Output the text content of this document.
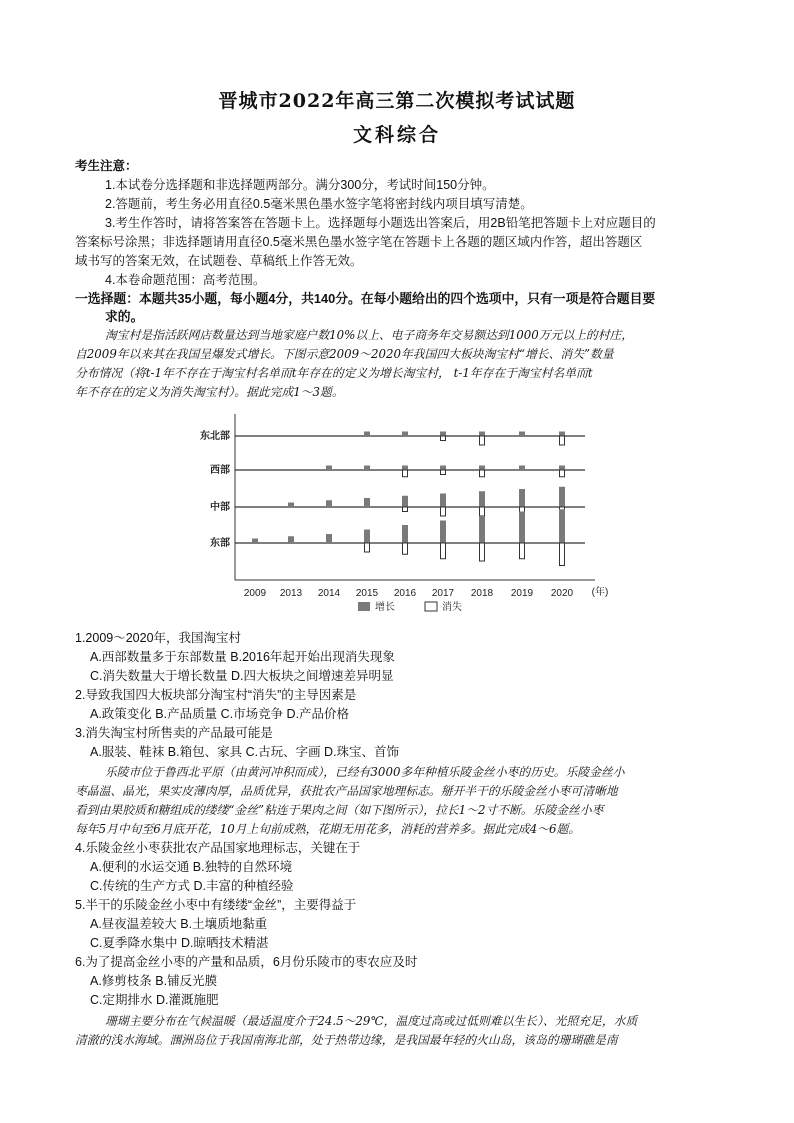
晋城市2022年高三第二次模拟考试试题
文科综合
考生注意：
1.本试卷分选择题和非选择题两部分。满分300分，考试时间150分钟。
2.答题前，考生务必用直径0.5毫米黑色墨水签字笔将密封线内项目填写清楚。
3.考生作答时，请将答案答在答题卡上。选择题每小题选出答案后，用2B铅笔把答题卡上对应题目的
答案标号涂黑；非选择题请用直径0.5毫米黑色墨水签字笔在答题卡上各题的题区域内作答，超出答题区
域书写的答案无效，在试题卷、草稿纸上作答无效。
4.本卷命题范围：高考范围。
一选择题：本题共35小题，每小题4分，共140分。在每小题给出的四个选项中，只有一项是符合题目要
求的。
淘宝村是指活跃网店数量达到当地家庭户数10%以上、电子商务年交易额达到1000万元以上的村庄，
自2009年以来其在我国呈爆发式增长。下图示意2009～2020年我国四大板块淘宝村“增长、消失”数量
分布情况（将t-1年不存在于淘宝村名单而t年存在的定义为增长淘宝村， t-1年存在于淘宝村名单而t
年不存在的定义为消失淘宝村）。据此完成1～3题。
东北部
西部
中部
东部
2009 2013 2014 2015 2016 2017 2018 2019 2020 (年)
增长	消失
1.2009～2020年，我国淘宝村
A.西部数量多于东部数量 B.2016年起开始出现消失现象
C.消失数量大于增长数量 D.四大板块之间增速差异明显
2.导致我国四大板块部分淘宝村“消失”的主导因素是
A.政策变化 B.产品质量 C.市场竞争 D.产品价格
3.消失淘宝村所售卖的产品最可能是
A.服装、鞋袜 B.箱包、家具 C.古玩、字画 D.珠宝、首饰
乐陵市位于鲁西北平原（由黄河冲积而成），已经有3000多年种植乐陵金丝小枣的历史。乐陵金丝小
枣晶温、晶光，果实皮薄肉厚，品质优异，获批农产品国家地理标志。掰开半干的乐陵金丝小枣可清晰地
看到由果胶质和糖组成的缕缕“金丝”粘连于果肉之间（如下图所示），拉长1～2寸不断。乐陵金丝小枣
每年5月中旬至6月底开花，10月上旬前成熟，花期无用花多，消耗的营养多。据此完成4～6题。
4.乐陵金丝小枣获批农产品国家地理标志，关键在于
A.便利的水运交通 B.独特的自然环境
C.传统的生产方式 D.丰富的种植经验
5.半干的乐陵金丝小枣中有缕缕“金丝”，主要得益于
A.昼夜温差较大 B.土壤质地黏重
C.夏季降水集中 D.晾晒技术精湛
6.为了提高金丝小枣的产量和品质，6月份乐陵市的枣农应及时
A.修剪枝条 B.铺反光膜
C.定期排水 D.灌溉施肥
珊瑚主要分布在气候温暖（最适温度介于24.5～29℃，温度过高或过低则难以生长）、光照充足，水质
清澈的浅水海域。涠洲岛位于我国南海北部，处于热带边缘，是我国最年轻的火山岛，该岛的珊瑚礁是南
